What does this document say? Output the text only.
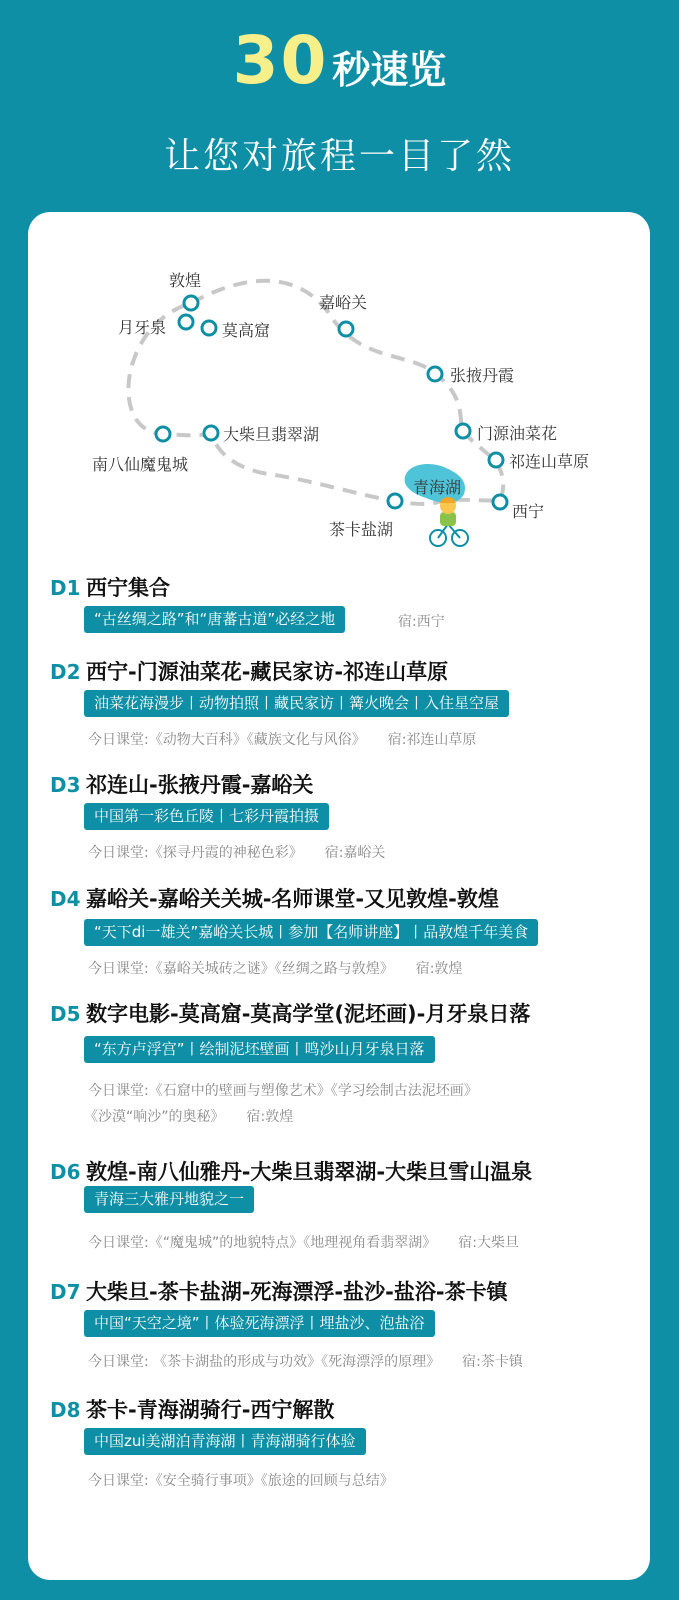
30 秒速览
让您对旅程一目了然
敦煌
月牙泉	莫高窟
嘉峪关
张掖丹霞
门源油菜花
祁连山草原
西宁
青海湖
茶卡盐湖
大柴旦翡翠湖
南八仙魔鬼城
D1 西宁集合
“古丝绸之路”和“唐蕃古道”必经之地	宿:西宁
D2 西宁-门源油菜花-藏民家访-祁连山草原
油菜花海漫步丨动物拍照丨藏民家访丨篝火晚会丨入住星空屋
今日课堂:《动物大百科》《藏族文化与风俗》 宿:祁连山草原
D3 祁连山-张掖丹霞-嘉峪关
中国第一彩色丘陵丨七彩丹霞拍摄
今日课堂:《探寻丹霞的神秘色彩》 宿:嘉峪关
D4 嘉峪关-嘉峪关关城-名师课堂-又见敦煌-敦煌
“天下di一雄关”嘉峪关长城丨参加【名师讲座】丨品敦煌千年美食
今日课堂:《嘉峪关城砖之谜》《丝绸之路与敦煌》 宿:敦煌
D5 数字电影-莫高窟-莫高学堂(泥坯画)-月牙泉日落
“东方卢浮宫”丨绘制泥坯壁画丨鸣沙山月牙泉日落
今日课堂:《石窟中的壁画与塑像艺术》《学习绘制古法泥坯画》
《沙漠“响沙”的奥秘》 宿:敦煌
D6 敦煌-南八仙雅丹-大柴旦翡翠湖-大柴旦雪山温泉
青海三大雅丹地貌之一
今日课堂:《“魔鬼城”的地貌特点》《地理视角看翡翠湖》 宿:大柴旦
D7 大柴旦-茶卡盐湖-死海漂浮-盐沙-盐浴-茶卡镇
中国“天空之境”丨体验死海漂浮丨埋盐沙、泡盐浴
今日课堂: 《茶卡湖盐的形成与功效》《死海漂浮的原理》 宿:茶卡镇
D8 茶卡-青海湖骑行-西宁解散
中国zui美湖泊青海湖丨青海湖骑行体验
今日课堂:《安全骑行事项》《旅途的回顾与总结》
